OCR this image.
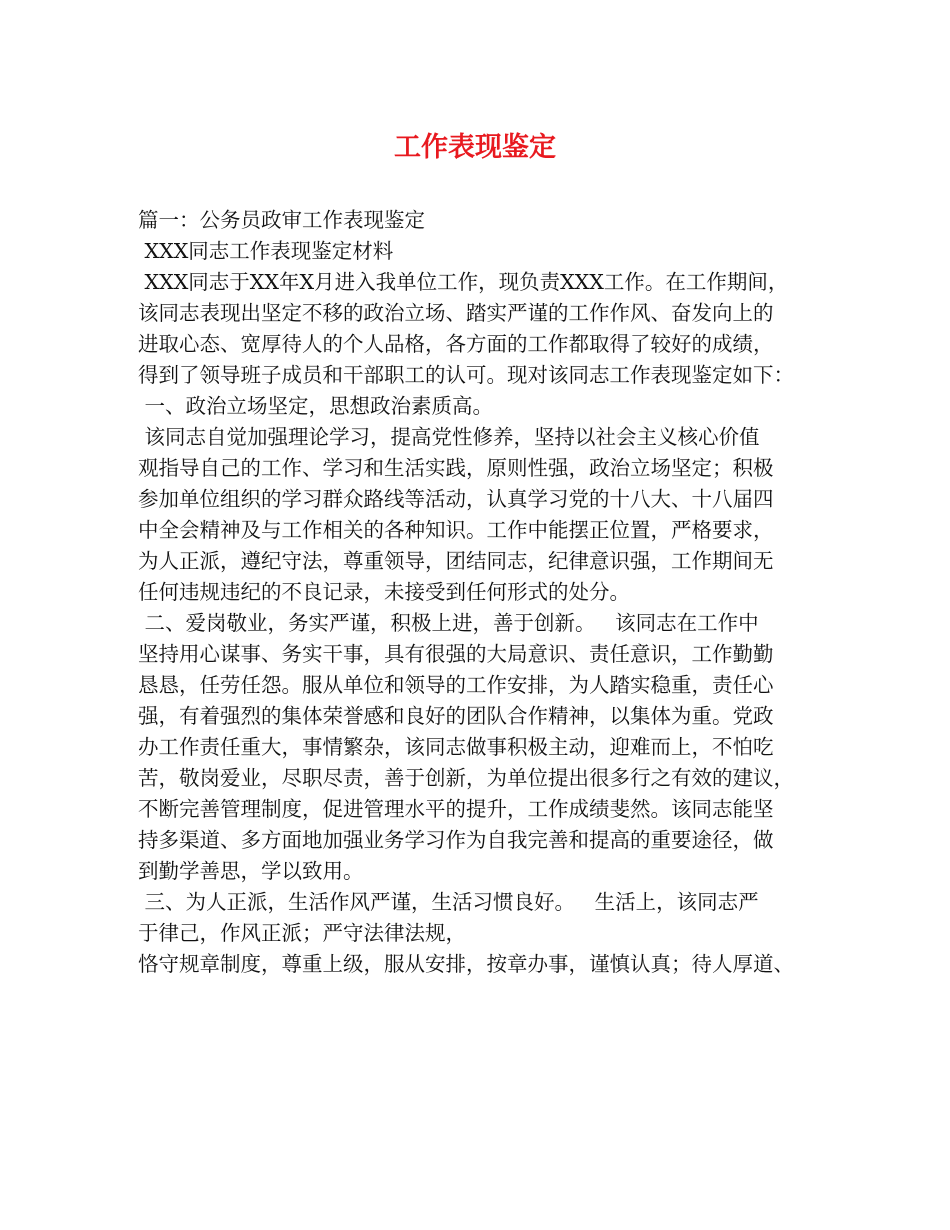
工作表现鉴定
篇一：公务员政审工作表现鉴定
XXX同志工作表现鉴定材料
XXX同志于XX年X月进入我单位工作，现负责XXX工作。在工作期间，
该同志表现出坚定不移的政治立场、踏实严谨的工作作风、奋发向上的
进取心态、宽厚待人的个人品格，各方面的工作都取得了较好的成绩，
得到了领导班子成员和干部职工的认可。现对该同志工作表现鉴定如下：
一、政治立场坚定，思想政治素质高。
该同志自觉加强理论学习，提高党性修养，坚持以社会主义核心价值
观指导自己的工作、学习和生活实践，原则性强，政治立场坚定；积极
参加单位组织的学习群众路线等活动，认真学习党的十八大、十八届四
中全会精神及与工作相关的各种知识。工作中能摆正位置，严格要求，
为人正派，遵纪守法，尊重领导，团结同志，纪律意识强，工作期间无
任何违规违纪的不良记录，未接受到任何形式的处分。
二、爱岗敬业，务实严谨，积极上进，善于创新。   该同志在工作中
坚持用心谋事、务实干事，具有很强的大局意识、责任意识，工作勤勤
恳恳，任劳任怨。服从单位和领导的工作安排，为人踏实稳重，责任心
强，有着强烈的集体荣誉感和良好的团队合作精神，以集体为重。党政
办工作责任重大，事情繁杂，该同志做事积极主动，迎难而上，不怕吃
苦，敬岗爱业，尽职尽责，善于创新，为单位提出很多行之有效的建议，
不断完善管理制度，促进管理水平的提升，工作成绩斐然。该同志能坚
持多渠道、多方面地加强业务学习作为自我完善和提高的重要途径，做
到勤学善思，学以致用。
三、为人正派，生活作风严谨，生活习惯良好。   生活上，该同志严
于律己，作风正派；严守法律法规，
恪守规章制度，尊重上级，服从安排，按章办事，谨慎认真；待人厚道、
